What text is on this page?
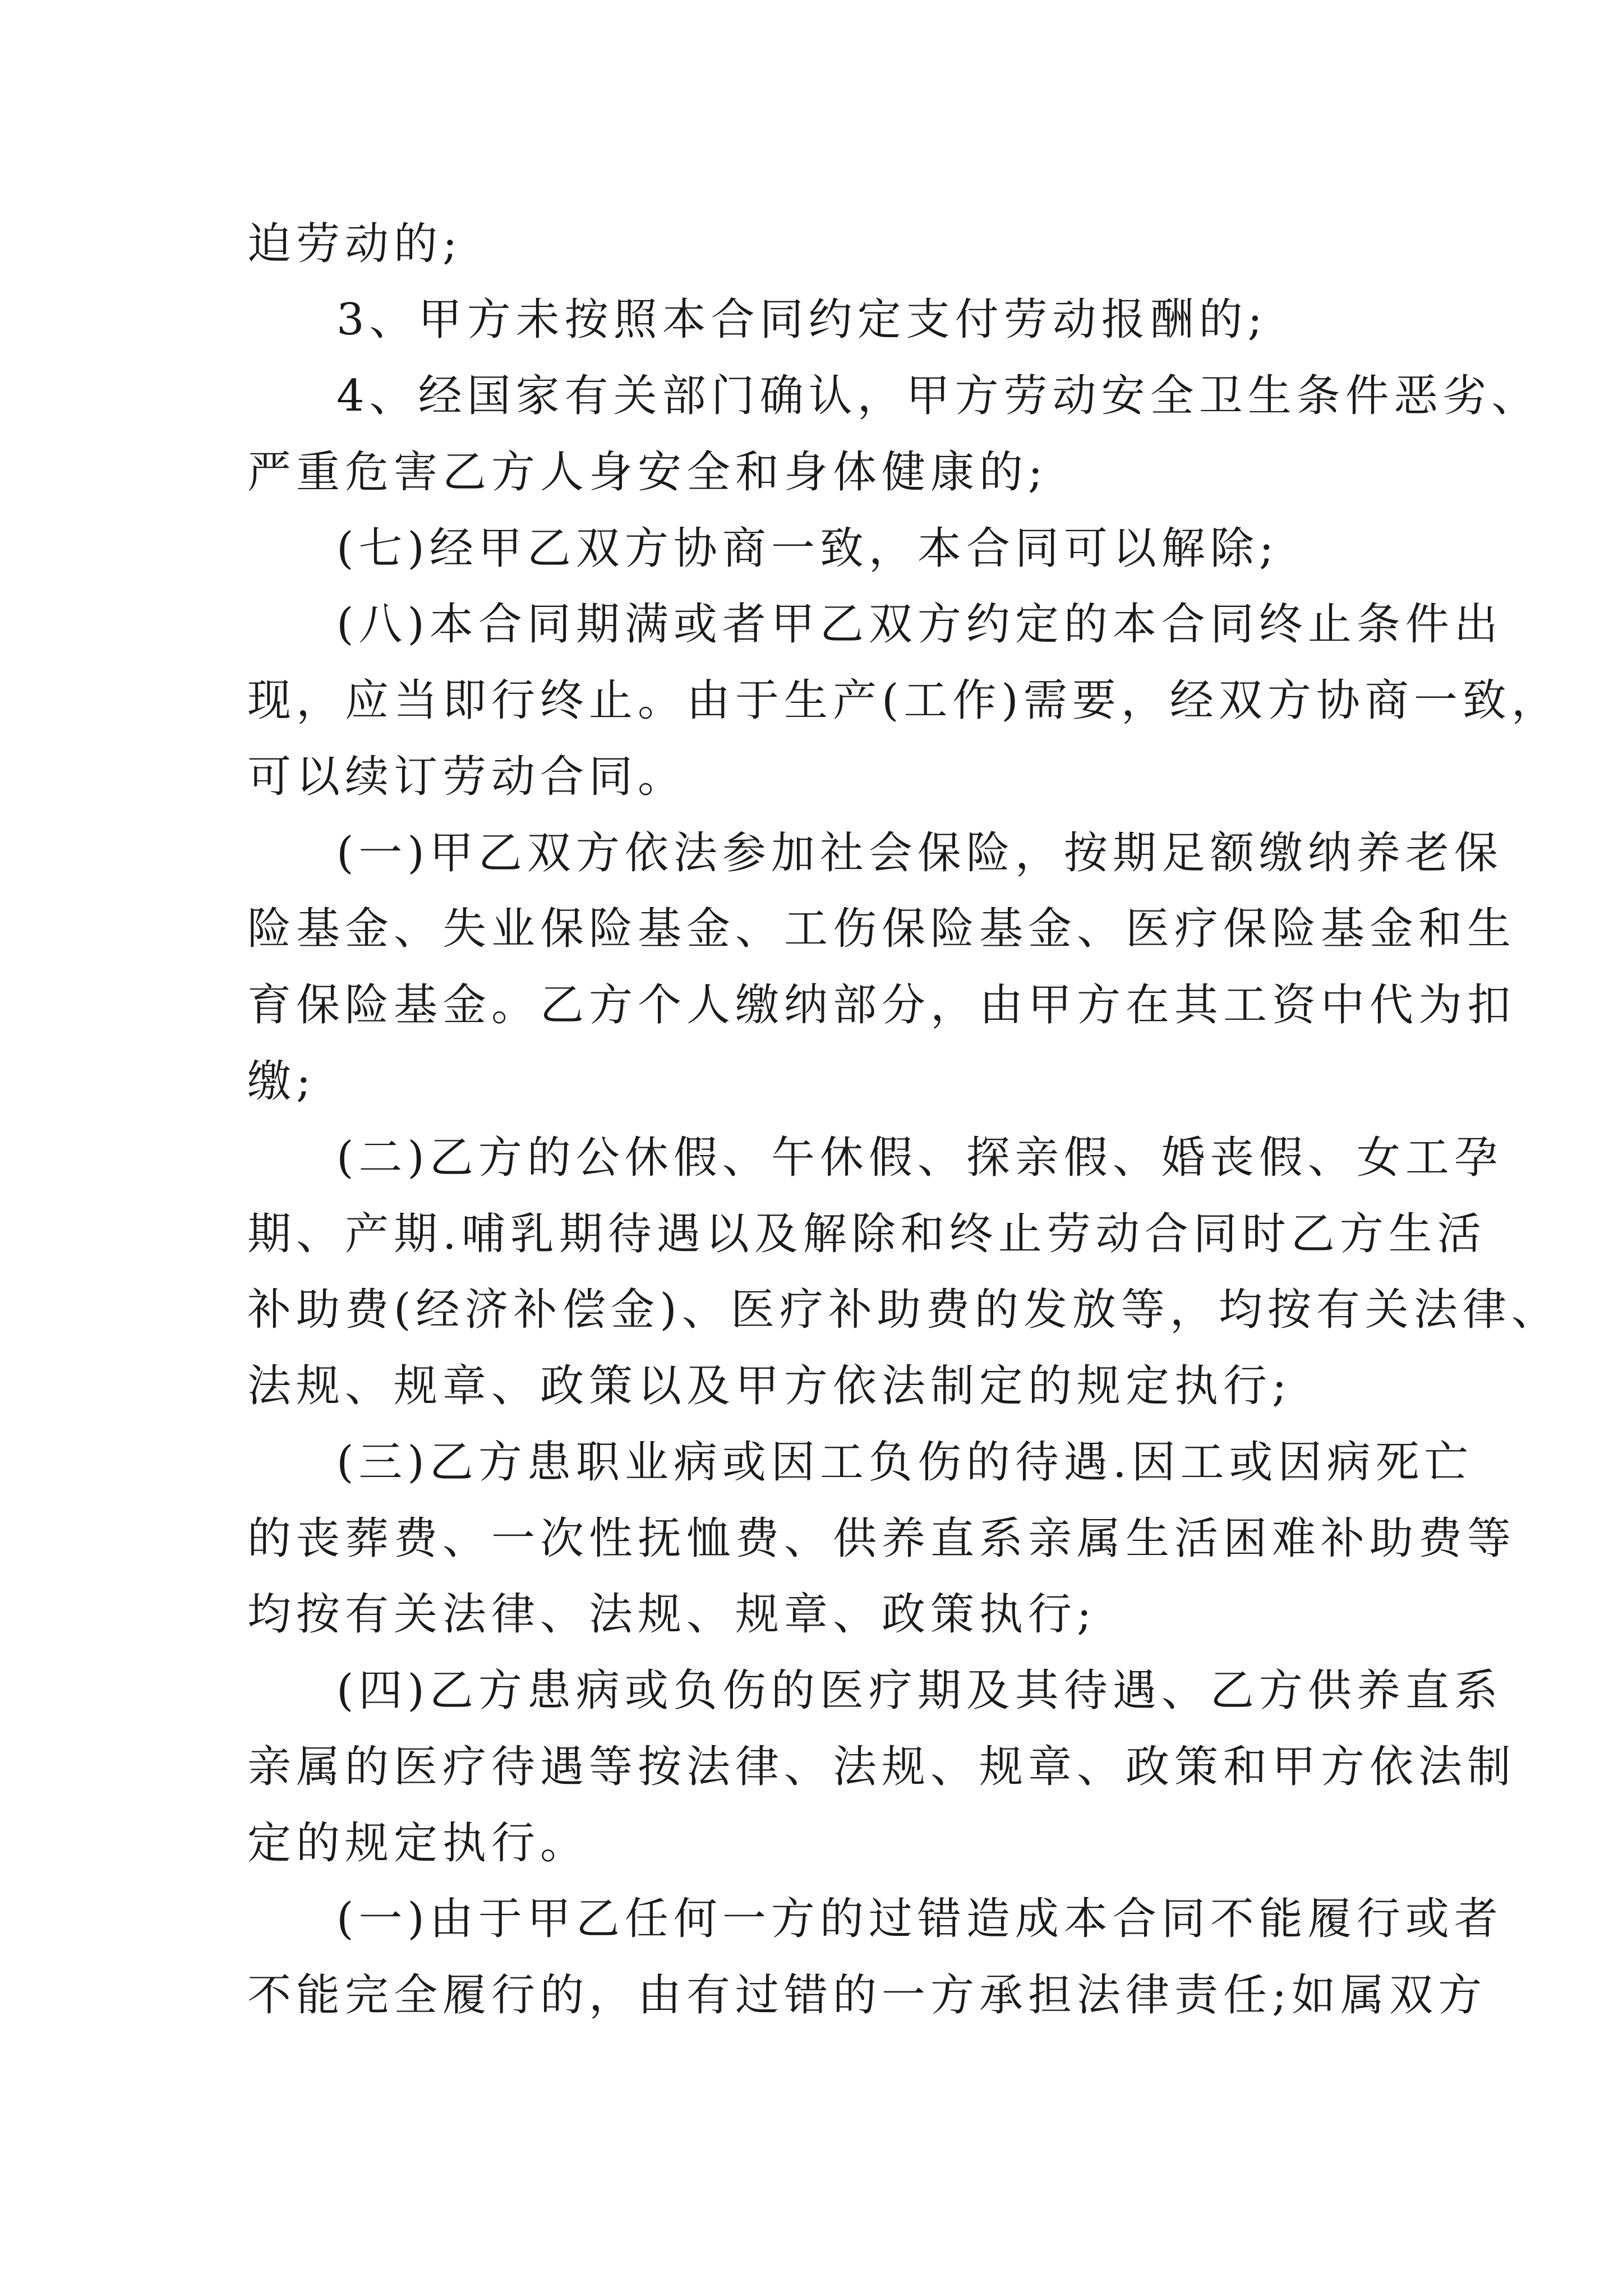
迫劳动的;
3、甲方未按照本合同约定支付劳动报酬的;
4、经国家有关部门确认，甲方劳动安全卫生条件恶劣、
严重危害乙方人身安全和身体健康的;
(七)经甲乙双方协商一致，本合同可以解除;
(八)本合同期满或者甲乙双方约定的本合同终止条件出
现，应当即行终止。由于生产(工作)需要，经双方协商一致，
可以续订劳动合同。
(一)甲乙双方依法参加社会保险，按期足额缴纳养老保
险基金、失业保险基金、工伤保险基金、医疗保险基金和生
育保险基金。乙方个人缴纳部分，由甲方在其工资中代为扣
缴;
(二)乙方的公休假、午休假、探亲假、婚丧假、女工孕
期、产期.哺乳期待遇以及解除和终止劳动合同时乙方生活
补助费(经济补偿金)、医疗补助费的发放等，均按有关法律、
法规、规章、政策以及甲方依法制定的规定执行;
(三)乙方患职业病或因工负伤的待遇.因工或因病死亡
的丧葬费、一次性抚恤费、供养直系亲属生活困难补助费等
均按有关法律、法规、规章、政策执行;
(四)乙方患病或负伤的医疗期及其待遇、乙方供养直系
亲属的医疗待遇等按法律、法规、规章、政策和甲方依法制
定的规定执行。
(一)由于甲乙任何一方的过错造成本合同不能履行或者
不能完全履行的，由有过错的一方承担法律责任;如属双方
